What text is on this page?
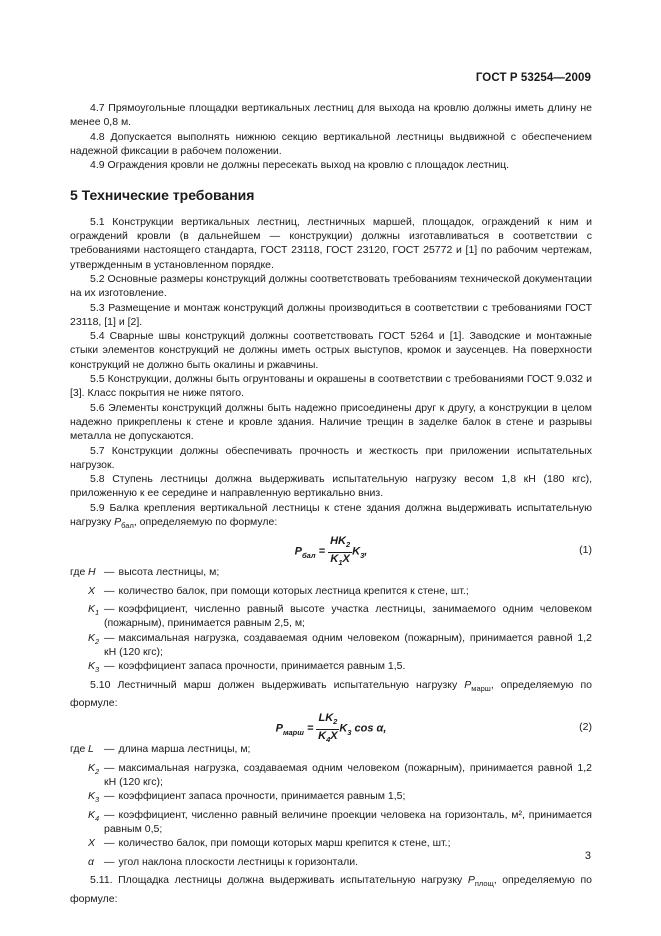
ГОСТ Р 53254—2009

4.7 Прямоугольные площадки вертикальных лестниц для выхода на кровлю должны иметь длину не менее 0,8 м.

4.8 Допускается выполнять нижнюю секцию вертикальной лестницы выдвижной с обеспечением надежной фиксации в рабочем положении.

4.9 Ограждения кровли не должны пересекать выход на кровлю с площадок лестниц.

5 Технические требования

5.1 Конструкции вертикальных лестниц, лестничных маршей, площадок, ограждений к ним и ограждений кровли (в дальнейшем — конструкции) должны изготавливаться в соответствии с требованиями настоящего стандарта, ГОСТ 23118, ГОСТ 23120, ГОСТ 25772 и [1] по рабочим чертежам, утвержденным в установленном порядке.

5.2 Основные размеры конструкций должны соответствовать требованиям технической документации на их изготовление.

5.3 Размещение и монтаж конструкций должны производиться в соответствии с требованиями ГОСТ 23118, [1] и [2].

5.4 Сварные швы конструкций должны соответствовать ГОСТ 5264 и [1]. Заводские и монтажные стыки элементов конструкций не должны иметь острых выступов, кромок и заусенцев. На поверхности конструкций не должно быть окалины и ржавчины.

5.5 Конструкции, должны быть огрунтованы и окрашены в соответствии с требованиями ГОСТ 9.032 и [3]. Класс покрытия не ниже пятого.

5.6 Элементы конструкций должны быть надежно присоединены друг к другу, а конструкции в целом надежно прикреплены к стене и кровле здания. Наличие трещин в заделке балок в стене и разрывы металла не допускаются.

5.7 Конструкции должны обеспечивать прочность и жесткость при приложении испытательных нагрузок.

5.8 Ступень лестницы должна выдерживать испытательную нагрузку весом 1,8 кН (180 кгс), приложенную к ее середине и направленную вертикально вниз.

5.9 Балка крепления вертикальной лестницы к стене здания должна выдерживать испытательную нагрузку $P_{бал}$, определяемую по формуле:

$P_{бал} = \frac{HK_2}{K_1X} K_3$,	(1)
где H — высота лестницы, м;
X — количество балок, при помощи которых лестница крепится к стене, шт.;
$K_1$ — коэффициент, численно равный высоте участка лестницы, занимаемого одним человеком (пожарным), принимается равным 2,5, м;
$K_2$ — максимальная нагрузка, создаваемая одним человеком (пожарным), принимается равной 1,2 кН (120 кгс);
$K_3$ — коэффициент запаса прочности, принимается равным 1,5.

5.10 Лестничный марш должен выдерживать испытательную нагрузку $P_{марш}$, определяемую по формуле:

$P_{марш} = \frac{LK_2}{K_4X} K_3$ cos α,	(2)
где L — длина марша лестницы, м;
$K_2$ — максимальная нагрузка, создаваемая одним человеком (пожарным), принимается равной 1,2 кН (120 кгс);
$K_3$ — коэффициент запаса прочности, принимается равным 1,5;
$K_4$ — коэффициент, численно равный величине проекции человека на горизонталь, м², принимается равным 0,5;
X — количество балок, при помощи которых марш крепится к стене, шт.;
α — угол наклона плоскости лестницы к горизонтали.

5.11. Площадка лестницы должна выдерживать испытательную нагрузку $P_{площ}$, определяемую по формуле:

3
